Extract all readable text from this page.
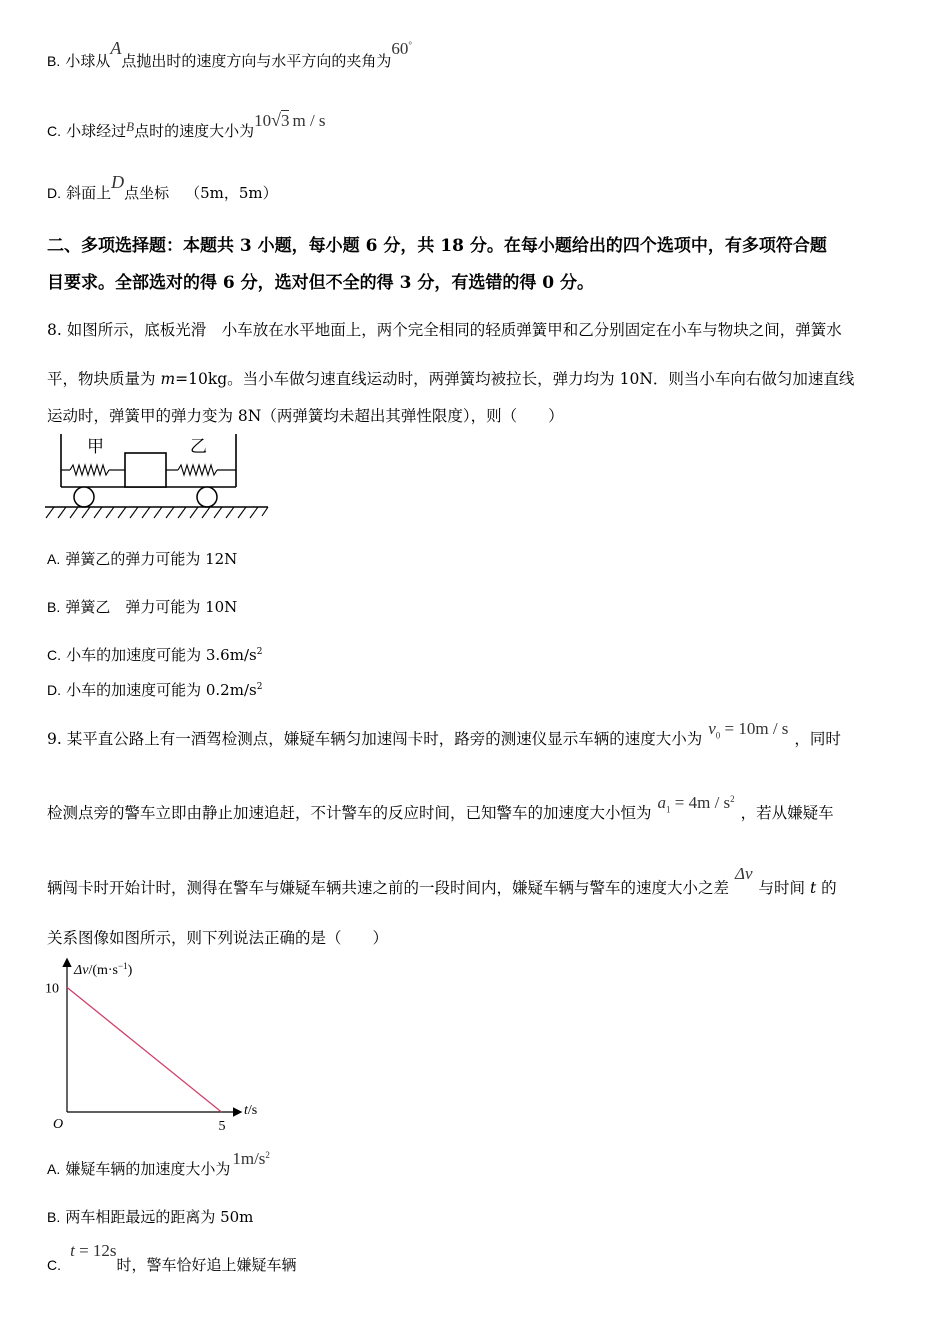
B. 小球从A点抛出时的速度方向与水平方向的夹角为60°
C. 小球经过$^B$点时的速度大小为10√3 m / s
D. 斜面上D点坐标 （5m，5m）
二、多项选择题：本题共 3 小题，每小题 6 分，共 18 分。在每小题给出的四个选项中，有多项符合题
目要求。全部选对的得 6 分，选对但不全的得 3 分，有选错的得 0 分。
8. 如图所示，底板光滑　小车放在水平地面上，两个完全相同的轻质弹簧甲和乙分别固定在小车与物块之间，弹簧水
平，物块质量为 m=10kg。当小车做匀速直线运动时，两弹簧均被拉长，弹力均为 10N．则当小车向右做匀加速直线
运动时，弹簧甲的弹力变为 8N（两弹簧均未超出其弹性限度），则（　　）
甲	乙
A. 弹簧乙的弹力可能为 12N
B. 弹簧乙　弹力可能为 10N
C. 小车的加速度可能为 $3.6m/s^2$
D. 小车的加速度可能为 $0.2m/s^2$
9. 某平直公路上有一酒驾检测点，嫌疑车辆匀加速闯卡时，路旁的测速仪显示车辆的速度大小为$v_0 = 10m / s$，同时
检测点旁的警车立即由静止加速追赶，不计警车的反应时间，已知警车的加速度大小恒为$a_1 = 4m / s^2$，若从嫌疑车
辆闯卡时开始计时，测得在警车与嫌疑车辆共速之前的一段时间内，嫌疑车辆与警车的速度大小之差Δv与时间 t 的
关系图像如图所示，则下列说法正确的是（　　）
$\Delta v/(m\cdot s^{-1})$
t/s
O
10
5
A. 嫌疑车辆的加速度大小为$1m/s^2$
B. 两车相距最远的距离为 50m
C. t = 12s时，警车恰好追上嫌疑车辆
